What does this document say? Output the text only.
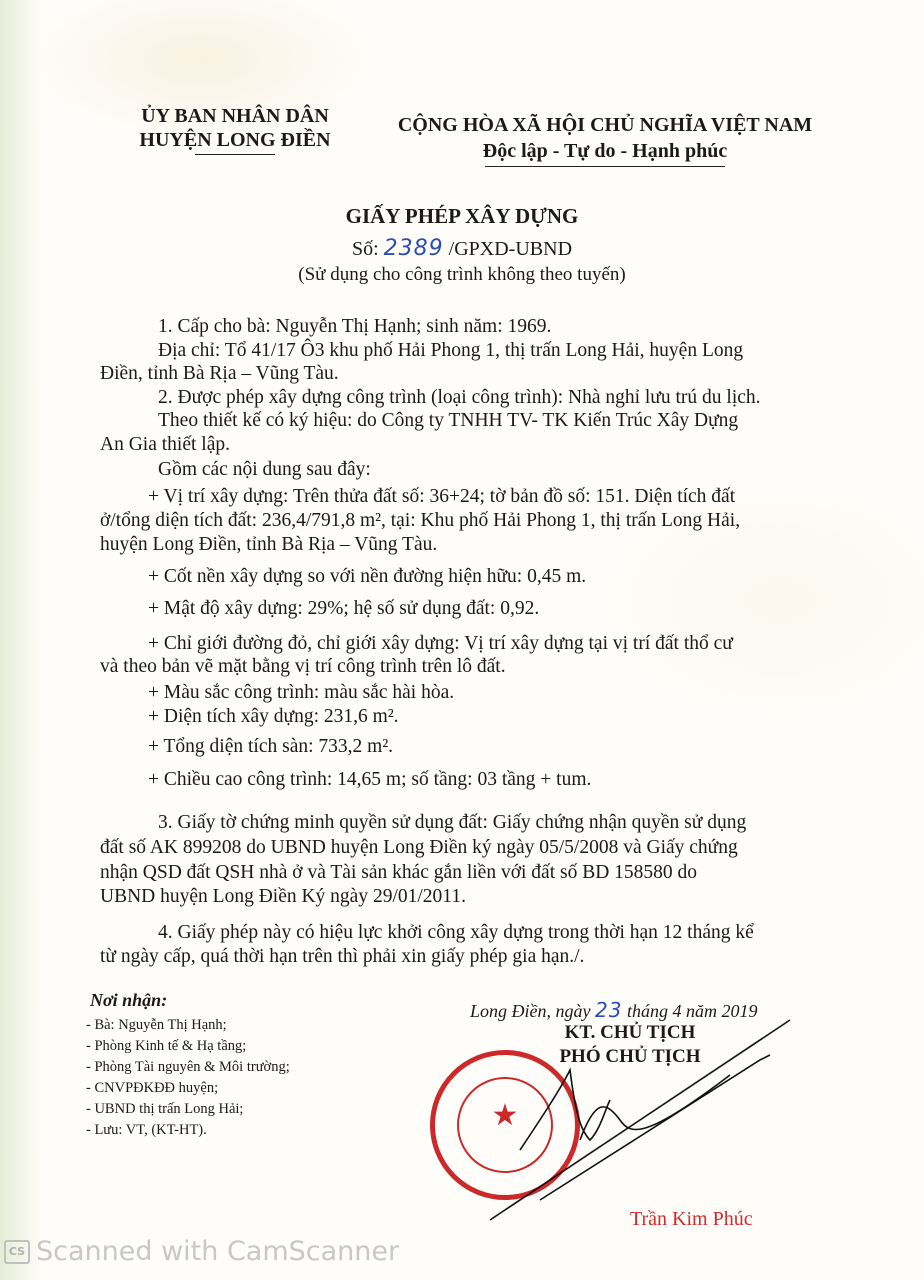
ỦY BAN NHÂN DÂN
HUYỆN LONG ĐIỀN
CỘNG HÒA XÃ HỘI CHỦ NGHĨA VIỆT NAM
Độc lập - Tự do - Hạnh phúc
GIẤY PHÉP XÂY DỰNG
Số: 2389 /GPXD-UBND
(Sử dụng cho công trình không theo tuyến)
1. Cấp cho bà: Nguyễn Thị Hạnh; sinh năm: 1969.
Địa chỉ: Tổ 41/17 Ô3 khu phố Hải Phong 1, thị trấn Long Hải, huyện Long
Điền, tỉnh Bà Rịa – Vũng Tàu.
2. Được phép xây dựng công trình (loại công trình): Nhà nghỉ lưu trú du lịch.
Theo thiết kế có ký hiệu: do Công ty TNHH TV- TK Kiến Trúc Xây Dựng
An Gia thiết lập.
Gồm các nội dung sau đây:
+ Vị trí xây dựng: Trên thửa đất số: 36+24; tờ bản đồ số: 151. Diện tích đất
ở/tổng diện tích đất: 236,4/791,8 m², tại: Khu phố Hải Phong 1, thị trấn Long Hải,
huyện Long Điền, tỉnh Bà Rịa – Vũng Tàu.
+ Cốt nền xây dựng so với nền đường hiện hữu: 0,45 m.
+ Mật độ xây dựng: 29%; hệ số sử dụng đất: 0,92.
+ Chỉ giới đường đỏ, chỉ giới xây dựng: Vị trí xây dựng tại vị trí đất thổ cư
và theo bản vẽ mặt bằng vị trí công trình trên lô đất.
+ Màu sắc công trình: màu sắc hài hòa.
+ Diện tích xây dựng: 231,6 m².
+ Tổng diện tích sàn: 733,2 m².
+ Chiều cao công trình: 14,65 m; số tầng: 03 tầng + tum.
3. Giấy tờ chứng minh quyền sử dụng đất: Giấy chứng nhận quyền sử dụng
đất số AK 899208 do UBND huyện Long Điền ký ngày 05/5/2008 và Giấy chứng
nhận QSD đất QSH nhà ở và Tài sản khác gắn liền với đất số BD 158580 do
UBND huyện Long Điền Ký ngày 29/01/2011.
4. Giấy phép này có hiệu lực khởi công xây dựng trong thời hạn 12 tháng kể
từ ngày cấp, quá thời hạn trên thì phải xin giấy phép gia hạn./.
Nơi nhận:
- Bà: Nguyễn Thị Hạnh;
- Phòng Kinh tế & Hạ tầng;
- Phòng Tài nguyên & Môi trường;
- CNVPĐKĐĐ huyện;
- UBND thị trấn Long Hải;
- Lưu: VT, (KT-HT).
Long Điền, ngày 23 tháng 4 năm 2019
KT. CHỦ TỊCH
PHÓ CHỦ TỊCH
★
Trần Kim Phúc
CS Scanned with CamScanner
